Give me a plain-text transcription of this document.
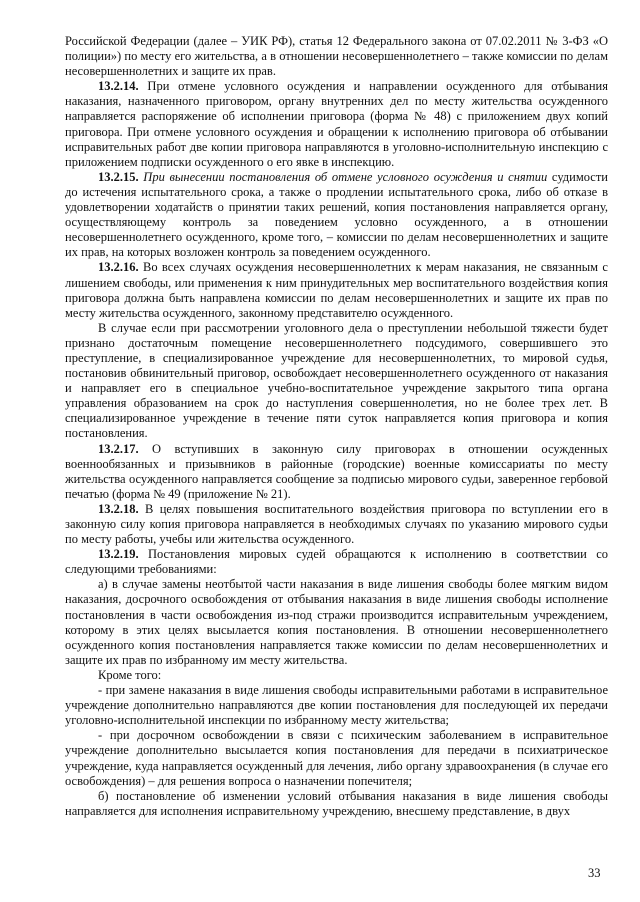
Российской Федерации (далее – УИК РФ), статья 12 Федерального закона от 07.02.2011 № 3-ФЗ «О полиции») по месту его жительства, а в отношении несовершеннолетнего – также комиссии по делам несовершеннолетних и защите их прав.

13.2.14. При отмене условного осуждения и направлении осужденного для отбывания наказания, назначенного приговором, органу внутренних дел по месту жительства осужденного направляется распоряжение об исполнении приговора (форма № 48) с приложением двух копий приговора. При отмене условного осуждения и обращении к исполнению приговора об отбывании исправительных работ две копии приговора направляются в уголовно-исполнительную инспекцию с приложением подписки осужденного о его явке в инспекцию.

13.2.15. При вынесении постановления об отмене условного осуждения и снятии судимости до истечения испытательного срока, а также о продлении испытательного срока, либо об отказе в удовлетворении ходатайств о принятии таких решений, копия постановления направляется органу, осуществляющему контроль за поведением условно осужденного, а в отношении несовершеннолетнего осужденного, кроме того, – комиссии по делам несовершеннолетних и защите их прав, на которых возложен контроль за поведением осужденного.

13.2.16. Во всех случаях осуждения несовершеннолетних к мерам наказания, не связанным с лишением свободы, или применения к ним принудительных мер воспитательного воздействия копия приговора должна быть направлена комиссии по делам несовершеннолетних и защите их прав по месту жительства осужденного, законному представителю осужденного.

В случае если при рассмотрении уголовного дела о преступлении небольшой тяжести будет признано достаточным помещение несовершеннолетнего подсудимого, совершившего это преступление, в специализированное учреждение для несовершеннолетних, то мировой судья, постановив обвинительный приговор, освобождает несовершеннолетнего осужденного от наказания и направляет его в специальное учебно-воспитательное учреждение закрытого типа органа управления образованием на срок до наступления совершеннолетия, но не более трех лет. В специализированное учреждение в течение пяти суток направляется копия приговора и копия постановления.

13.2.17. О вступивших в законную силу приговорах в отношении осужденных военнообязанных и призывников в районные (городские) военные комиссариаты по месту жительства осужденного направляется сообщение за подписью мирового судьи, заверенное гербовой печатью (форма № 49 (приложение № 21).

13.2.18. В целях повышения воспитательного воздействия приговора по вступлении его в законную силу копия приговора направляется в необходимых случаях по указанию мирового судьи по месту работы, учебы или жительства осужденного.

13.2.19. Постановления мировых судей обращаются к исполнению в соответствии со следующими требованиями:

а) в случае замены неотбытой части наказания в виде лишения свободы более мягким видом наказания, досрочного освобождения от отбывания наказания в виде лишения свободы исполнение постановления в части освобождения из-под стражи производится исправительным учреждением, которому в этих целях высылается копия постановления. В отношении несовершеннолетнего осужденного копия постановления направляется также комиссии по делам несовершеннолетних и защите их прав по избранному им месту жительства.

Кроме того:

- при замене наказания в виде лишения свободы исправительными работами в исправительное учреждение дополнительно направляются две копии постановления для последующей их передачи уголовно-исполнительной инспекции по избранному месту жительства;

- при досрочном освобождении в связи с психическим заболеванием в исправительное учреждение дополнительно высылается копия постановления для передачи в психиатрическое учреждение, куда направляется осужденный для лечения, либо органу здравоохранения (в случае его освобождения) – для решения вопроса о назначении попечителя;

б) постановление об изменении условий отбывания наказания в виде лишения свободы направляется для исполнения исправительному учреждению, внесшему представление, в двух

33
